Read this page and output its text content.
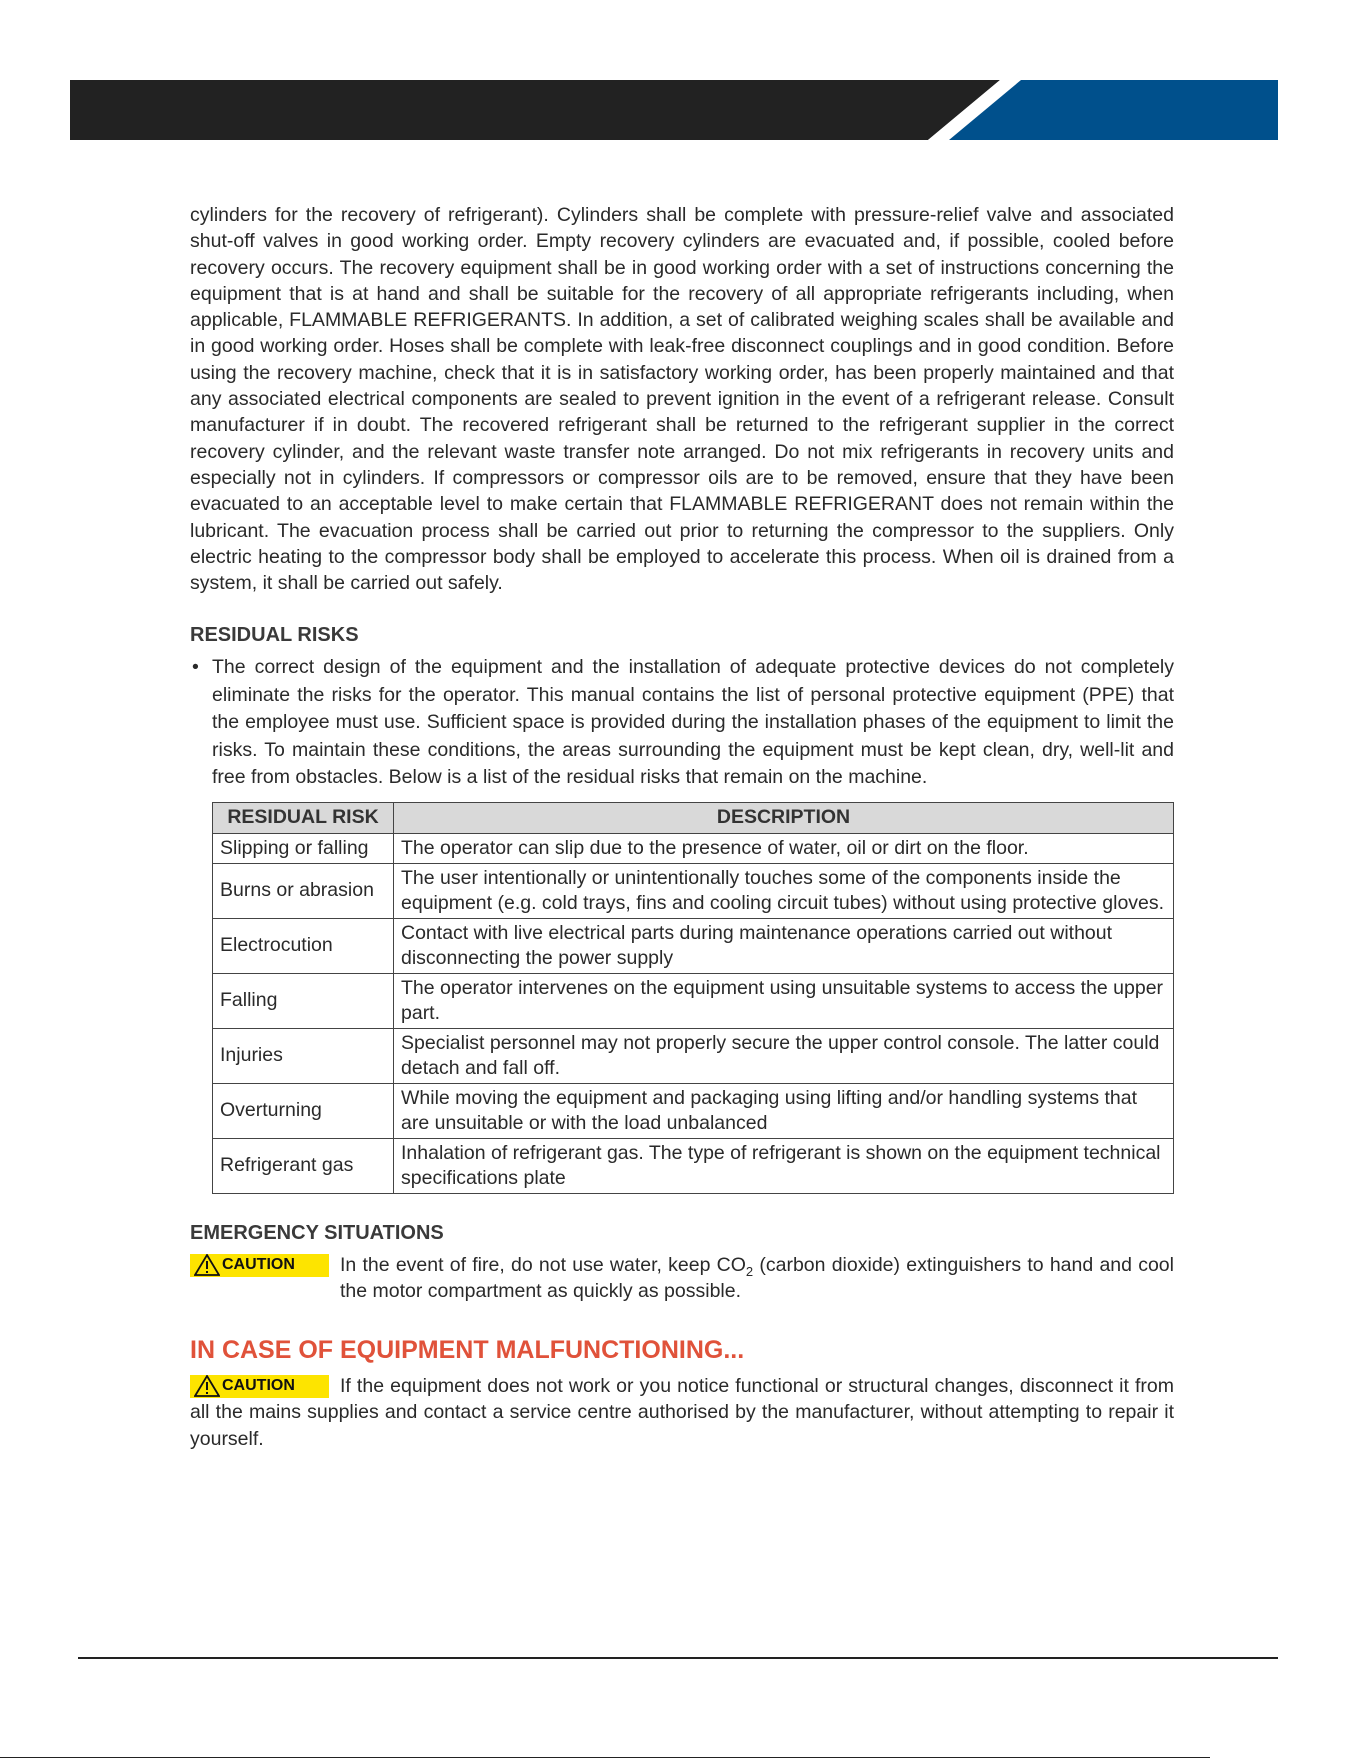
cylinders for the recovery of refrigerant). Cylinders shall be complete with pressure-relief valve and associated shut-off valves in good working order. Empty recovery cylinders are evacuated and, if possible, cooled before recovery occurs. The recovery equipment shall be in good working order with a set of instructions concerning the equipment that is at hand and shall be suitable for the recovery of all appropriate refrigerants including, when applicable, FLAMMABLE REFRIGERANTS. In addition, a set of calibrated weighing scales shall be available and in good working order. Hoses shall be complete with leak-free disconnect couplings and in good condition. Before using the recovery machine, check that it is in satisfactory working order, has been properly maintained and that any associated electrical components are sealed to prevent ignition in the event of a refrigerant release. Consult manufacturer if in doubt. The recovered refrigerant shall be returned to the refrigerant supplier in the correct recovery cylinder, and the relevant waste transfer note arranged. Do not mix refrigerants in recovery units and especially not in cylinders. If compressors or compressor oils are to be removed, ensure that they have been evacuated to an acceptable level to make certain that FLAMMABLE REFRIGERANT does not remain within the lubricant. The evacuation process shall be carried out prior to returning the compressor to the suppliers. Only electric heating to the compressor body shall be employed to accelerate this process. When oil is drained from a system, it shall be carried out safely.

RESIDUAL RISKS
• The correct design of the equipment and the installation of adequate protective devices do not completely eliminate the risks for the operator. This manual contains the list of personal protective equipment (PPE) that the employee must use. Sufficient space is provided during the installation phases of the equipment to limit the risks. To maintain these conditions, the areas surrounding the equipment must be kept clean, dry, well-lit and free from obstacles. Below is a list of the residual risks that remain on the machine.
RESIDUAL RISK	DESCRIPTION
Slipping or falling	The operator can slip due to the presence of water, oil or dirt on the floor.
Burns or abrasion	The user intentionally or unintentionally touches some of the components inside the equipment (e.g. cold trays, fins and cooling circuit tubes) without using protective gloves.
Electrocution	Contact with live electrical parts during maintenance operations carried out without disconnecting the power supply
Falling	The operator intervenes on the equipment using unsuitable systems to access the upper part.
Injuries	Specialist personnel may not properly secure the upper control console. The latter could detach and fall off.
Overturning	While moving the equipment and packaging using lifting and/or handling systems that are unsuitable or with the load unbalanced
Refrigerant gas	Inhalation of refrigerant gas. The type of refrigerant is shown on the equipment technical specifications plate
EMERGENCY SITUATIONS
CAUTION In the event of fire, do not use water, keep $CO_2$ (carbon dioxide) extinguishers to hand and cool the motor compartment as quickly as possible.
IN CASE OF EQUIPMENT MALFUNCTIONING...
CAUTION If the equipment does not work or you notice functional or structural changes, disconnect it from all the mains supplies and contact a service centre authorised by the manufacturer, without attempting to repair it yourself.
